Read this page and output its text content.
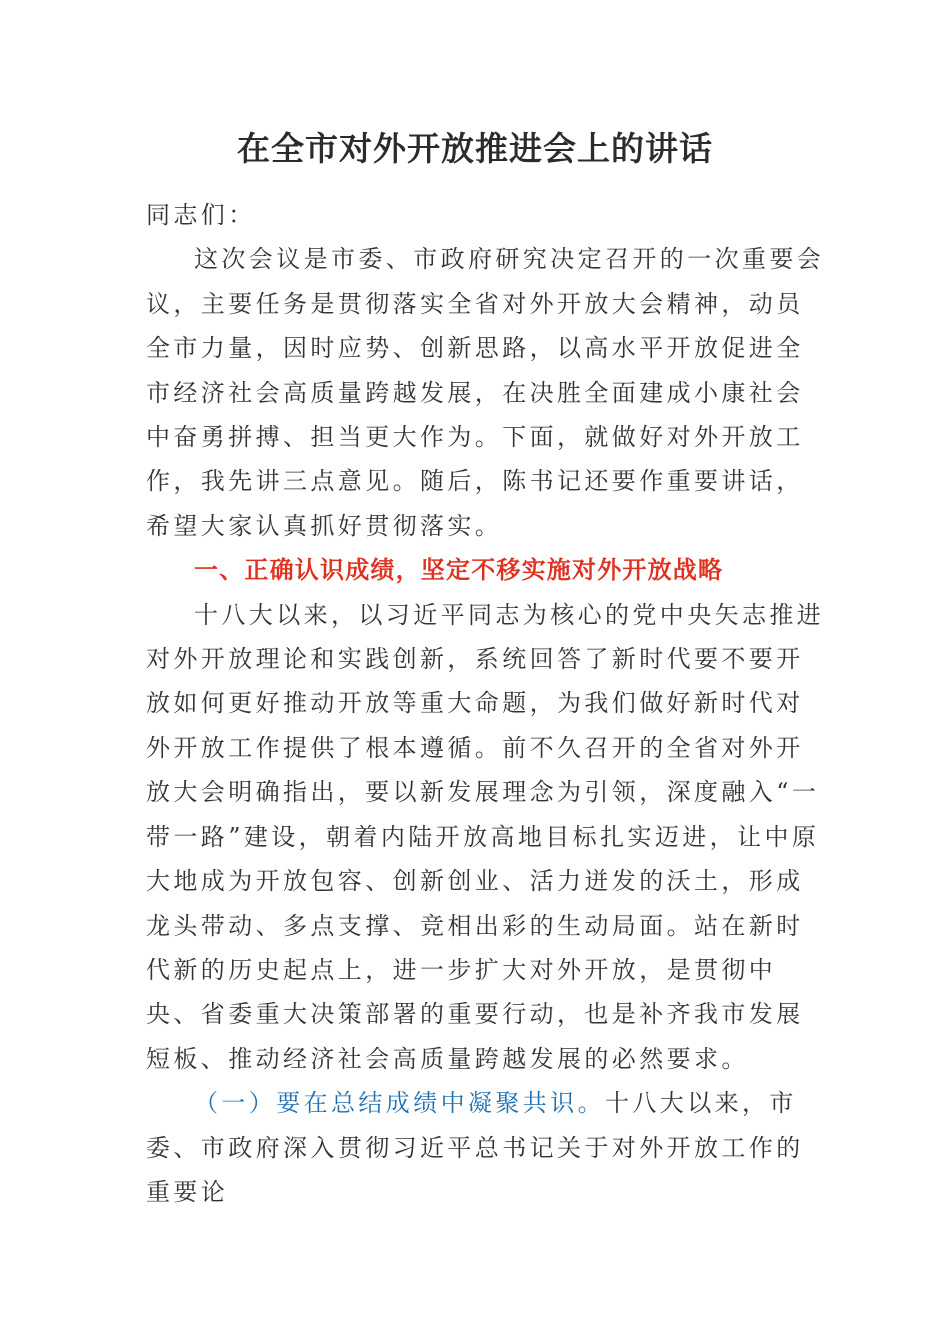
在全市对外开放推进会上的讲话

同志们：

这次会议是市委、市政府研究决定召开的一次重要会议，主要任务是贯彻落实全省对外开放大会精神，动员全市力量，因时应势、创新思路，以高水平开放促进全市经济社会高质量跨越发展，在决胜全面建成小康社会中奋勇拼搏、担当更大作为。下面，就做好对外开放工作，我先讲三点意见。随后，陈书记还要作重要讲话，希望大家认真抓好贯彻落实。

一、正确认识成绩，坚定不移实施对外开放战略

十八大以来，以习近平同志为核心的党中央矢志推进对外开放理论和实践创新，系统回答了新时代要不要开放如何更好推动开放等重大命题，为我们做好新时代对外开放工作提供了根本遵循。前不久召开的全省对外开放大会明确指出，要以新发展理念为引领，深度融入“一带一路”建设，朝着内陆开放高地目标扎实迈进，让中原大地成为开放包容、创新创业、活力迸发的沃土，形成龙头带动、多点支撑、竞相出彩的生动局面。站在新时代新的历史起点上，进一步扩大对外开放，是贯彻中央、省委重大决策部署的重要行动，也是补齐我市发展短板、推动经济社会高质量跨越发展的必然要求。

（一）要在总结成绩中凝聚共识。十八大以来，市委、市政府深入贯彻习近平总书记关于对外开放工作的重要论
